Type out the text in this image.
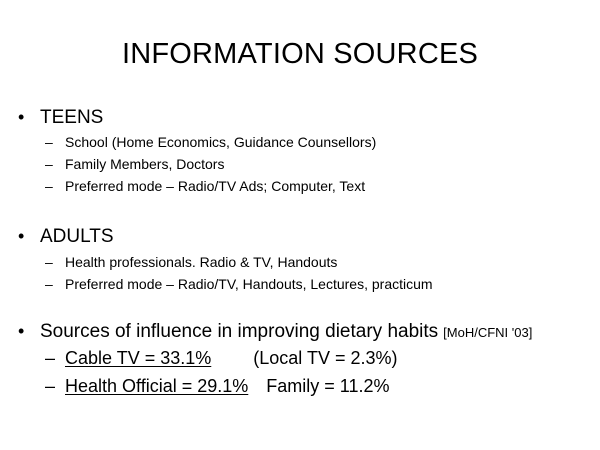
INFORMATION SOURCES
• TEENS
– School (Home Economics, Guidance Counsellors)
– Family Members, Doctors
– Preferred mode – Radio/TV Ads; Computer, Text
• ADULTS
– Health professionals. Radio & TV, Handouts
– Preferred mode – Radio/TV, Handouts, Lectures, practicum
• Sources of influence in improving dietary habits [MoH/CFNI '03]
– Cable TV = 33.1% (Local TV = 2.3%)
– Health Official = 29.1% Family = 11.2%
